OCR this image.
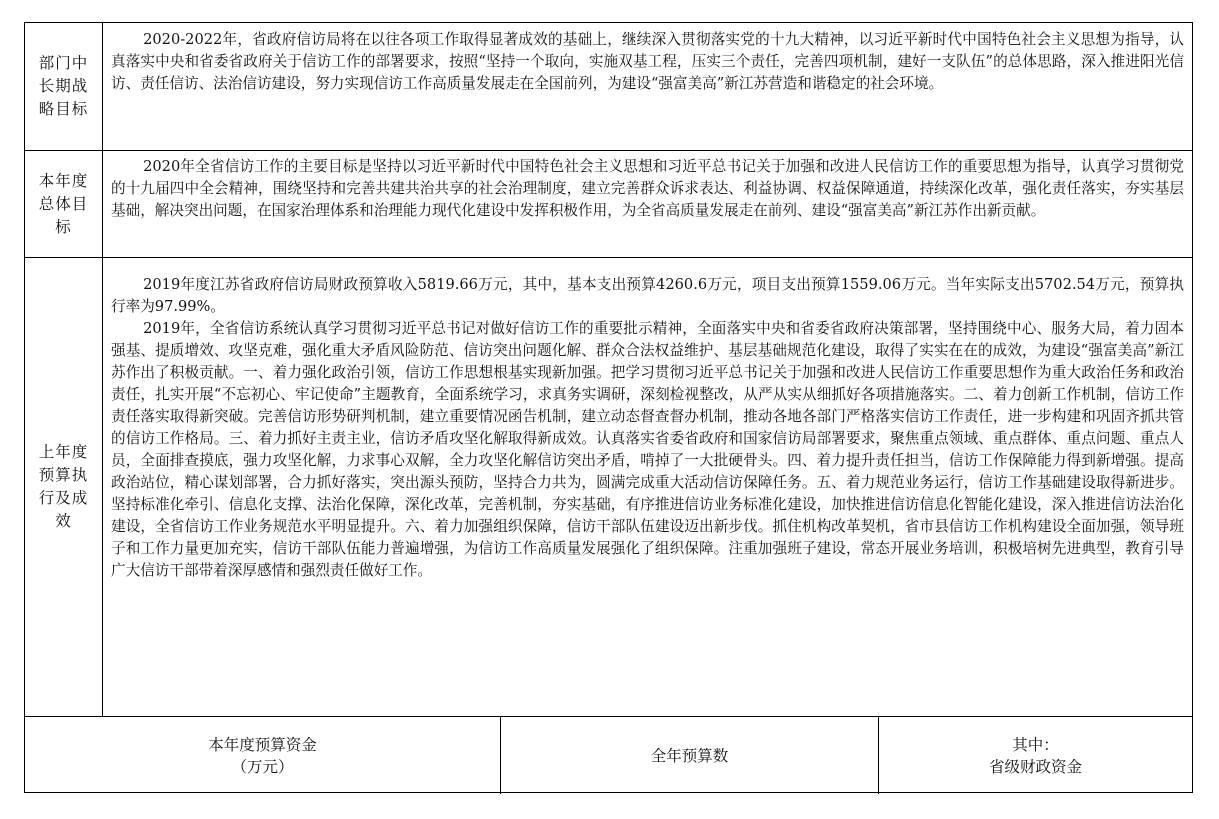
部门中长期战略目标

2020-2022年，省政府信访局将在以往各项工作取得显著成效的基础上，继续深入贯彻落实党的十九大精神，以习近平新时代中国特色社会主义思想为指导，认真落实中央和省委省政府关于信访工作的部署要求，按照“坚持一个取向，实施双基工程，压实三个责任，完善四项机制，建好一支队伍”的总体思路，深入推进阳光信访、责任信访、法治信访建设，努力实现信访工作高质量发展走在全国前列，为建设“强富美高”新江苏营造和谐稳定的社会环境。

本年度总体目标

2020年全省信访工作的主要目标是坚持以习近平新时代中国特色社会主义思想和习近平总书记关于加强和改进人民信访工作的重要思想为指导，认真学习贯彻党的十九届四中全会精神，围绕坚持和完善共建共治共享的社会治理制度，建立完善群众诉求表达、利益协调、权益保障通道，持续深化改革，强化责任落实，夯实基层基础，解决突出问题，在国家治理体系和治理能力现代化建设中发挥积极作用，为全省高质量发展走在前列、建设“强富美高”新江苏作出新贡献。

上年度预算执行及成效

2019年度江苏省政府信访局财政预算收入5819.66万元，其中，基本支出预算4260.6万元，项目支出预算1559.06万元。当年实际支出5702.54万元，预算执行率为97.99%。

2019年，全省信访系统认真学习贯彻习近平总书记对做好信访工作的重要批示精神，全面落实中央和省委省政府决策部署，坚持围绕中心、服务大局，着力固本强基、提质增效、攻坚克难，强化重大矛盾风险防范、信访突出问题化解、群众合法权益维护、基层基础规范化建设，取得了实实在在的成效，为建设“强富美高”新江苏作出了积极贡献。一、着力强化政治引领，信访工作思想根基实现新加强。把学习贯彻习近平总书记关于加强和改进人民信访工作重要思想作为重大政治任务和政治责任，扎实开展“不忘初心、牢记使命”主题教育，全面系统学习，求真务实调研，深刻检视整改，从严从实从细抓好各项措施落实。二、着力创新工作机制，信访工作责任落实取得新突破。完善信访形势研判机制，建立重要情况函告机制，建立动态督查督办机制，推动各地各部门严格落实信访工作责任，进一步构建和巩固齐抓共管的信访工作格局。三、着力抓好主责主业，信访矛盾攻坚化解取得新成效。认真落实省委省政府和国家信访局部署要求，聚焦重点领域、重点群体、重点问题、重点人员，全面排查摸底，强力攻坚化解，力求事心双解，全力攻坚化解信访突出矛盾，啃掉了一大批硬骨头。四、着力提升责任担当，信访工作保障能力得到新增强。提高政治站位，精心谋划部署，合力抓好落实，突出源头预防，坚持合力共为，圆满完成重大活动信访保障任务。五、着力规范业务运行，信访工作基础建设取得新进步。坚持标准化牵引、信息化支撑、法治化保障，深化改革，完善机制，夯实基础，有序推进信访业务标准化建设，加快推进信访信息化智能化建设，深入推进信访法治化建设，全省信访工作业务规范水平明显提升。六、着力加强组织保障，信访干部队伍建设迈出新步伐。抓住机构改革契机，省市县信访工作机构建设全面加强，领导班子和工作力量更加充实，信访干部队伍能力普遍增强，为信访工作高质量发展强化了组织保障。注重加强班子建设，常态开展业务培训，积极培树先进典型，教育引导广大信访干部带着深厚感情和强烈责任做好工作。

本年度预算资金
（万元）
全年预算数
其中：
省级财政资金
